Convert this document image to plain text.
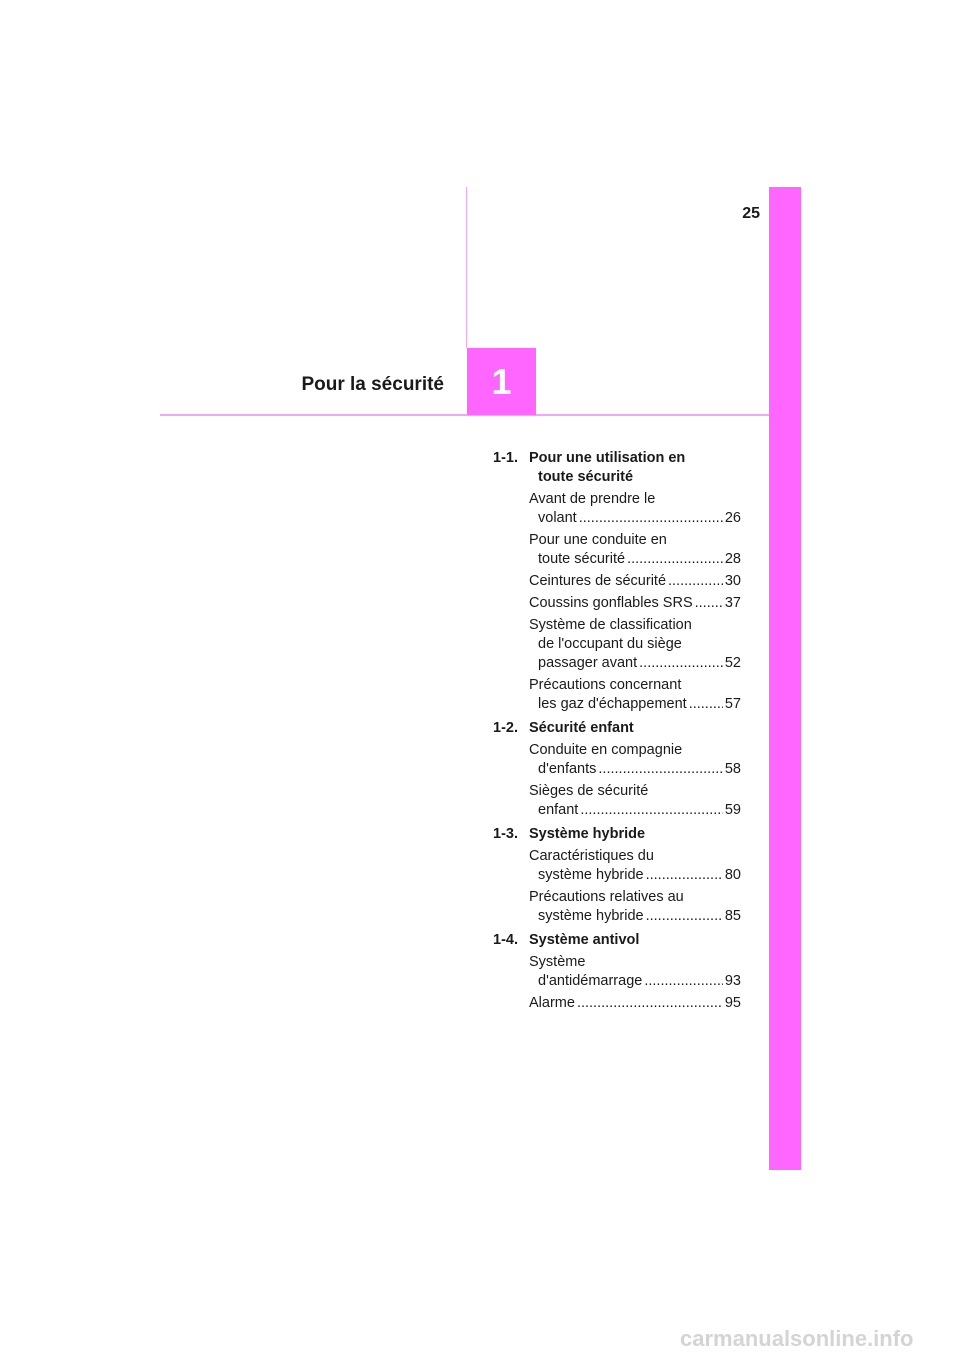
25
Pour la sécurité 1
1-1. Pour une utilisation en
toute sécurité
Avant de prendre le
volant .....	26
Pour une conduite en
toute sécurité .....	28
Ceintures de sécurité .....	30
Coussins gonflables SRS ..... 37
Système de classification
de l'occupant du siège
passager avant .....	52
Précautions concernant
les gaz d'échappement .....	57
1-2. Sécurité enfant
Conduite en compagnie
d'enfants .....	58
Sièges de sécurité
enfant .....	59
1-3. Système hybride
Caractéristiques du
système hybride .....	80
Précautions relatives au
système hybride .....	85
1-4. Système antivol
Système
d'antidémarrage .....	93
Alarme .....	95
carmanualsonline.info
